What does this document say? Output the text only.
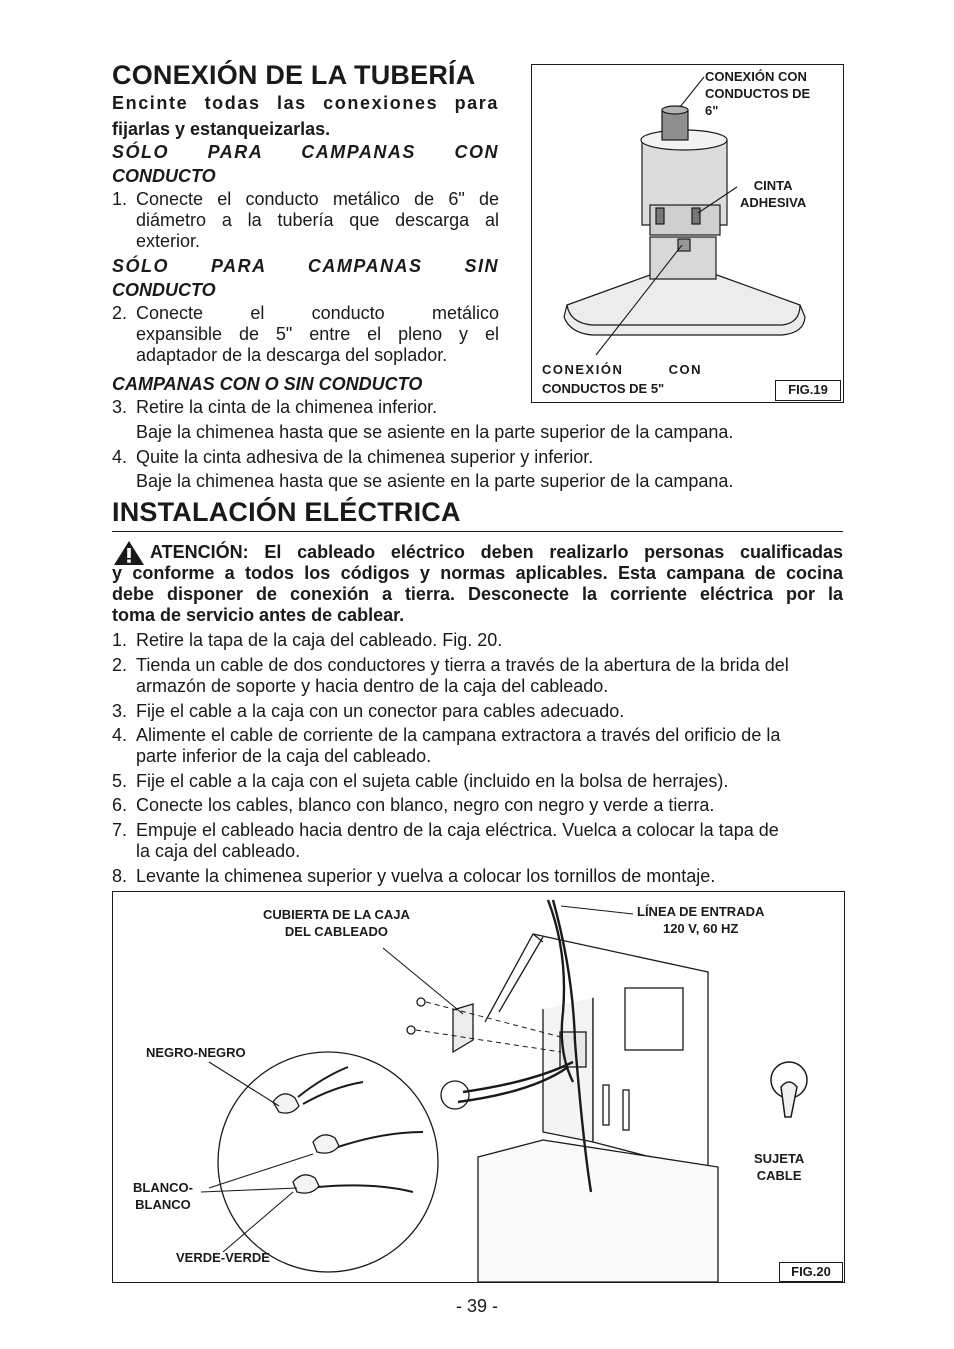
CONEXIÓN DE LA TUBERÍA
Encinte todas las conexiones para
fijarlas y estanqueizarlas.
SÓLO PARA CAMPANAS CON
CONDUCTO
1. Conecte el conducto metálico de 6" de
diámetro a la tubería que descarga al
exterior.
SÓLO PARA CAMPANAS SIN
CONDUCTO
2. Conecte el conducto metálico
expansible de 5" entre el pleno y el
adaptador de la descarga del soplador.
CAMPANAS CON O SIN CONDUCTO
3. Retire la cinta de la chimenea inferior.
Baje la chimenea hasta que se asiente en la parte superior de la campana.
4. Quite la cinta adhesiva de la chimenea superior y inferior.
Baje la chimenea hasta que se asiente en la parte superior de la campana.
CONEXIÓN CON
CONDUCTOS DE
6"
CINTA
ADHESIVA
CONEXIÓN	CON
CONDUCTOS DE 5"	FIG.19
INSTALACIÓN ELÉCTRICA
ATENCIÓN: El cableado eléctrico deben realizarlo personas cualificadas
y conforme a todos los códigos y normas aplicables. Esta campana de cocina
debe disponer de conexión a tierra. Desconecte la corriente eléctrica por la
toma de servicio antes de cablear.
1. Retire la tapa de la caja del cableado. Fig. 20.
2. Tienda un cable de dos conductores y tierra a través de la abertura de la brida del
armazón de soporte y hacia dentro de la caja del cableado.
3. Fije el cable a la caja con un conector para cables adecuado.
4. Alimente el cable de corriente de la campana extractora a través del orificio de la
parte inferior de la caja del cableado.
5. Fije el cable a la caja con el sujeta cable (incluido en la bolsa de herrajes).
6. Conecte los cables, blanco con blanco, negro con negro y verde a tierra.
7. Empuje el cableado hacia dentro de la caja eléctrica. Vuelca a colocar la tapa de
la caja del cableado.
8. Levante la chimenea superior y vuelva a colocar los tornillos de montaje.
CUBIERTA DE LA CAJA
DEL CABLEADO
LÍNEA DE ENTRADA
120 V, 60 HZ
NEGRO-NEGRO
BLANCO-
BLANCO
VERDE-VERDE
SUJETA
CABLE
FIG.20
- 39 -
